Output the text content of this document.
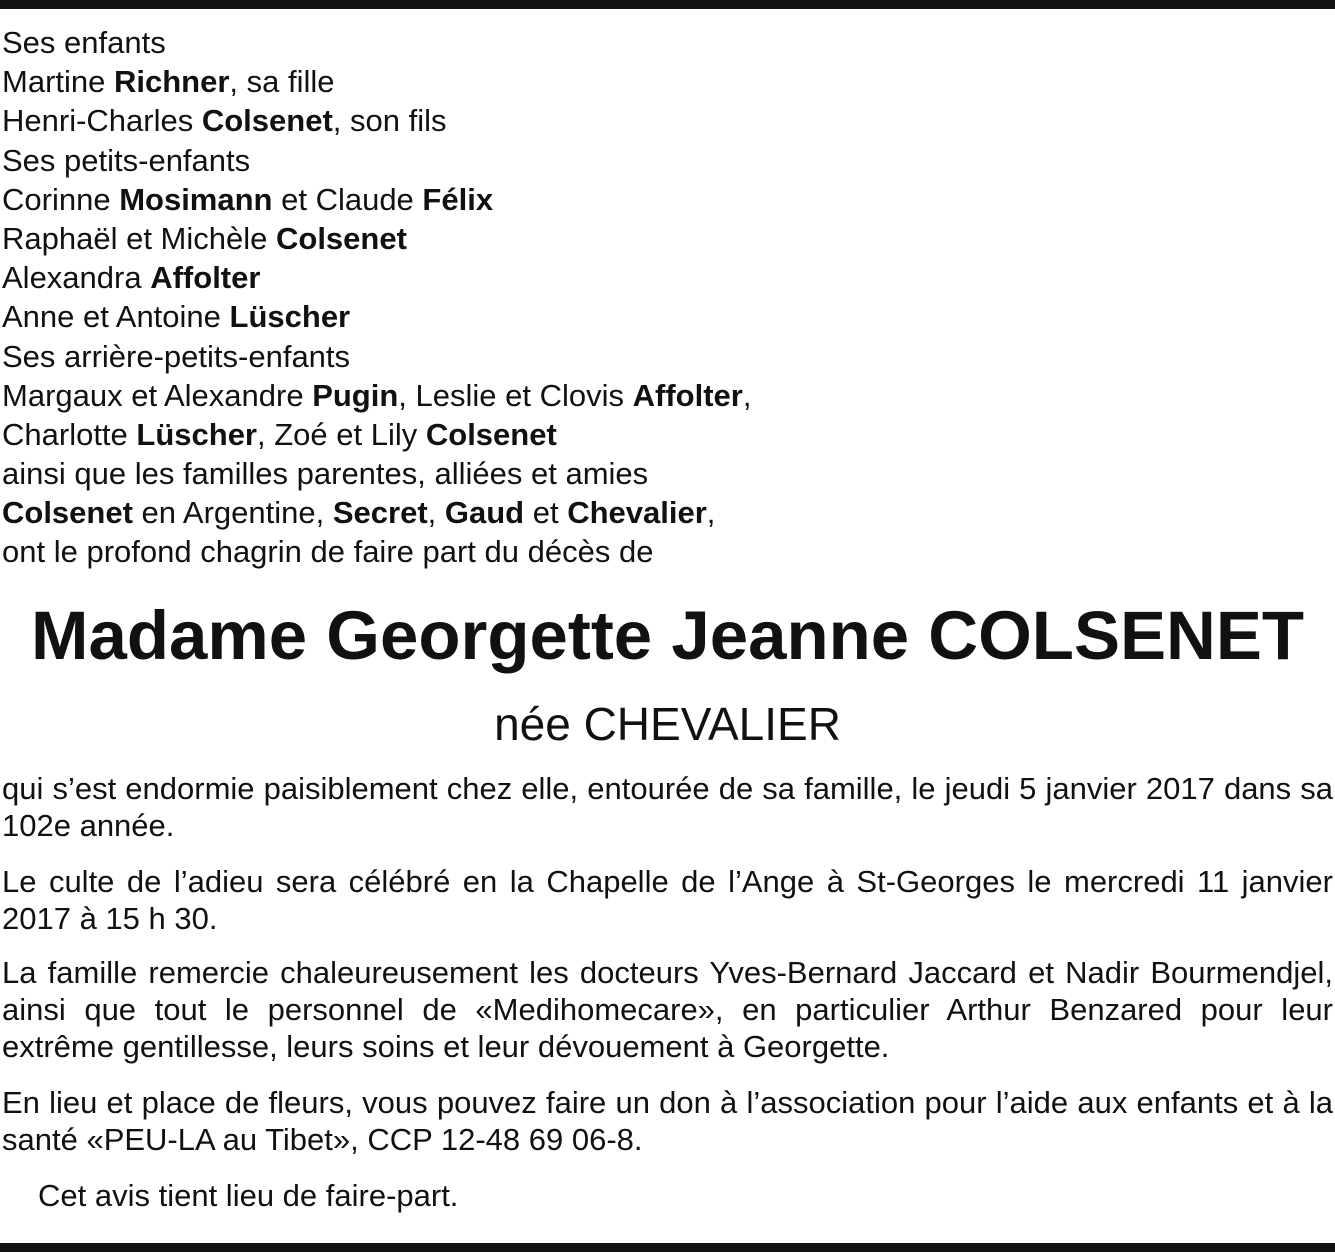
Ses enfants
Martine Richner, sa fille
Henri-Charles Colsenet, son fils
Ses petits-enfants
Corinne Mosimann et Claude Félix
Raphaël et Michèle Colsenet
Alexandra Affolter
Anne et Antoine Lüscher
Ses arrière-petits-enfants
Margaux et Alexandre Pugin, Leslie et Clovis Affolter,
Charlotte Lüscher, Zoé et Lily Colsenet
ainsi que les familles parentes, alliées et amies
Colsenet en Argentine, Secret, Gaud et Chevalier,
ont le profond chagrin de faire part du décès de
Madame Georgette Jeanne COLSENET
née CHEVALIER
qui s’est endormie paisiblement chez elle, entourée de sa famille, le jeudi 5 janvier 2017 dans sa 102e année.
Le culte de l’adieu sera célébré en la Chapelle de l’Ange à St-Georges le mercredi 11 janvier 2017 à 15 h 30.
La famille remercie chaleureusement les docteurs Yves-Bernard Jaccard et Nadir Bourmendjel, ainsi que tout le personnel de «Medihomecare», en particulier Arthur Benzared pour leur extrême gentillesse, leurs soins et leur dévouement à Georgette.
En lieu et place de fleurs, vous pouvez faire un don à l’association pour l’aide aux enfants et à la santé «PEU-LA au Tibet», CCP 12-48 69 06-8.
Cet avis tient lieu de faire-part.
